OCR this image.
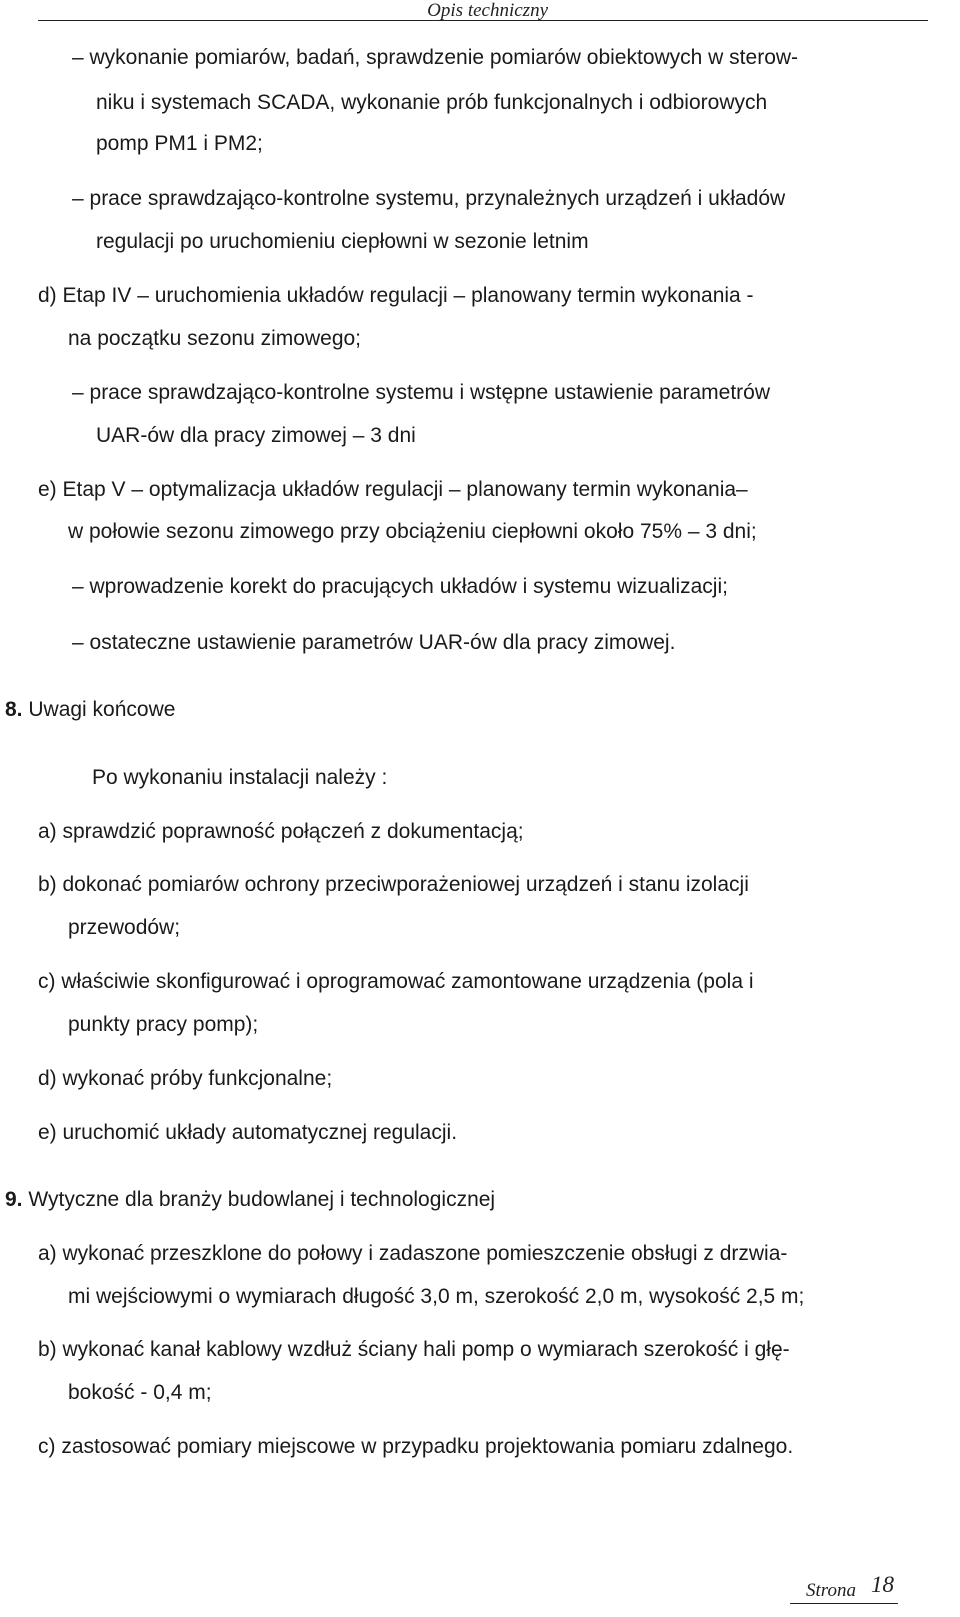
Opis techniczny
– wykonanie pomiarów, badań, sprawdzenie pomiarów obiektowych w sterow-
niku i systemach SCADA, wykonanie prób funkcjonalnych i odbiorowych
pomp PM1 i PM2;
– prace sprawdzająco-kontrolne systemu, przynależnych urządzeń i układów
regulacji po uruchomieniu ciepłowni w sezonie letnim
d) Etap IV – uruchomienia układów regulacji – planowany termin wykonania -
na początku sezonu zimowego;
– prace sprawdzająco-kontrolne systemu i wstępne ustawienie parametrów
UAR-ów dla pracy zimowej – 3 dni
e) Etap V – optymalizacja układów regulacji – planowany termin wykonania–
w połowie sezonu zimowego przy obciążeniu ciepłowni około 75% – 3 dni;
– wprowadzenie korekt do pracujących układów i systemu wizualizacji;
– ostateczne ustawienie parametrów UAR-ów dla pracy zimowej.
8. Uwagi końcowe
Po wykonaniu instalacji należy :
a) sprawdzić poprawność połączeń z dokumentacją;
b) dokonać pomiarów ochrony przeciwporażeniowej urządzeń i stanu izolacji
przewodów;
c) właściwie skonfigurować i oprogramować zamontowane urządzenia (pola i
punkty pracy pomp);
d) wykonać próby funkcjonalne;
e) uruchomić układy automatycznej regulacji.
9. Wytyczne dla branży budowlanej i technologicznej
a) wykonać przeszklone do połowy i zadaszone pomieszczenie obsługi z drzwia-
mi wejściowymi o wymiarach długość 3,0 m, szerokość 2,0 m, wysokość 2,5 m;
b) wykonać kanał kablowy wzdłuż ściany hali pomp o wymiarach szerokość i głę-
bokość - 0,4 m;
c) zastosować pomiary miejscowe w przypadku projektowania pomiaru zdalnego.
Strona 18
